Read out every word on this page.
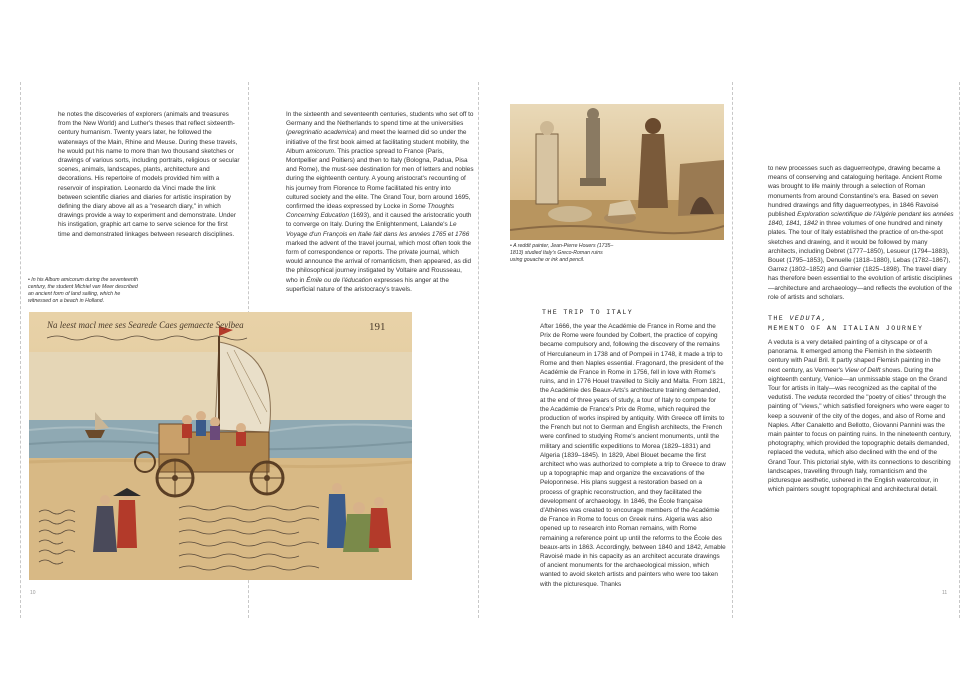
he notes the discoveries of explorers (animals and treasures from the New World) and Luther's theses that reflect sixteenth-century humanism. Twenty years later, he followed the waterways of the Main, Rhine and Meuse. During these travels, he would put his name to more than two thousand sketches or drawings of various sorts, including portraits, religious or secular scenes, animals, landscapes, plants, architecture and decorations. His repertoire of models provided him with a reservoir of inspiration. Leonardo da Vinci made the link between scientific diaries and diaries for artistic inspiration by defining the diary above all as a "research diary," in which drawings provide a way to experiment and demonstrate. Under his instigation, graphic art came to serve science for the first time and demonstrated linkages between research disciplines.

In the sixteenth and seventeenth centuries, students who set off to Germany and the Netherlands to spend time at the universities (peregrinatio academica) and meet the learned did so under the initiative of the first book aimed at facilitating student mobility, the Album amicorum. This practice spread to France (Paris, Montpellier and Poitiers) and then to Italy (Bologna, Padua, Pisa and Rome), the must-see destination for men of letters and nobles during the eighteenth century. A young aristocrat's recounting of his journey from Florence to Rome facilitated his entry into cultured society and the elite. The Grand Tour, born around 1695, confirmed the ideas expressed by Locke in Some Thoughts Concerning Education (1693), and it caused the aristocratic youth to converge on Italy. During the Enlightenment, Lalande's Le Voyage d'un François en Italie fait dans les années 1765 et 1766 marked the advent of the travel journal, which most often took the form of correspondence or reports. The private journal, which would announce the arrival of romanticism, then appeared, as did the philosophical journey instigated by Voltaire and Rousseau, who in Émile ou de l'éducation expresses his anger at the superficial nature of the aristocracy's travels.

• In his Album amicorum during the seventeenth century, the student Michiel van Meer described an ancient form of land sailing, which he witnessed on a beach in Holland.

Na leest macl mee ses Searede Caes gemaecte Seylbea	191
10

• A reddit painter, Jean-Pierre Houers (1735–1813) studied Italy's Greco-Roman ruins using gouache or ink and pencil.

THE TRIP TO ITALY

After 1666, the year the Académie de France in Rome and the Prix de Rome were founded by Colbert, the practice of copying became compulsory and, following the discovery of the remains of Herculaneum in 1738 and of Pompeii in 1748, it made a trip to Rome and then Naples essential. Fragonard, the president of the Académie de France in Rome in 1756, fell in love with Rome's ruins, and in 1776 Houel travelled to Sicily and Malta. From 1821, the Académie des Beaux-Arts's architecture training demanded, at the end of three years of study, a tour of Italy to compete for the Académie de France's Prix de Rome, which required the production of works inspired by antiquity. With Greece off limits to the French but not to German and English architects, the French were confined to studying Rome's ancient monuments, until the military and scientific expeditions to Morea (1829–1831) and Algeria (1839–1845). In 1829, Abel Blouet became the first architect who was authorized to complete a trip to Greece to draw up a topographic map and organize the excavations of the Peloponnese. His plans suggest a restoration based on a process of graphic reconstruction, and they facilitated the development of archaeology. In 1846, the École française d'Athènes was created to encourage members of the Académie de France in Rome to focus on Greek ruins. Algeria was also opened up to research into Roman remains, with Rome remaining a reference point up until the reforms to the École des beaux-arts in 1863. Accordingly, between 1840 and 1842, Amable Ravoisé made in his capacity as an architect accurate drawings of ancient monuments for the archaeological mission, which wanted to avoid sketch artists and painters who were too taken with the picturesque. Thanks

to new processes such as daguerreotype, drawing became a means of conserving and cataloguing heritage. Ancient Rome was brought to life mainly through a selection of Roman monuments from around Constantine's era. Based on seven hundred drawings and fifty daguerreotypes, in 1846 Ravoisé published Exploration scientifique de l'Algérie pendant les années 1840, 1841, 1842 in three volumes of one hundred and ninety plates. The tour of Italy established the practice of on-the-spot sketches and drawing, and it would be followed by many architects, including Debret (1777–1850), Lesueur (1794–1883), Bouet (1795–1853), Denuelle (1818–1880), Lebas (1782–1867), Garrez (1802–1852) and Garnier (1825–1898). The travel diary has therefore been essential to the evolution of artistic disciplines—architecture and archaeology—and reflects the evolution of the role of artists and scholars.

THE VEDUTA,
MEMENTO OF AN ITALIAN JOURNEY

A veduta is a very detailed painting of a cityscape or of a panorama. It emerged among the Flemish in the sixteenth century with Paul Bril. It partly shaped Flemish painting in the next century, as Vermeer's View of Delft shows. During the eighteenth century, Venice—an unmissable stage on the Grand Tour for artists in Italy—was recognized as the capital of the vedutisti. The veduta recorded the "poetry of cities" through the painting of "views," which satisfied foreigners who were eager to keep a souvenir of the city of the doges, and also of Rome and Naples. After Canaletto and Bellotto, Giovanni Pannini was the main painter to focus on painting ruins. In the nineteenth century, photography, which provided the topographic details demanded, replaced the veduta, which also declined with the end of the Grand Tour. This pictorial style, with its connections to describing landscapes, travelling through Italy, romanticism and the picturesque aesthetic, ushered in the English watercolour, in which painters sought topographical and architectural detail.

11
